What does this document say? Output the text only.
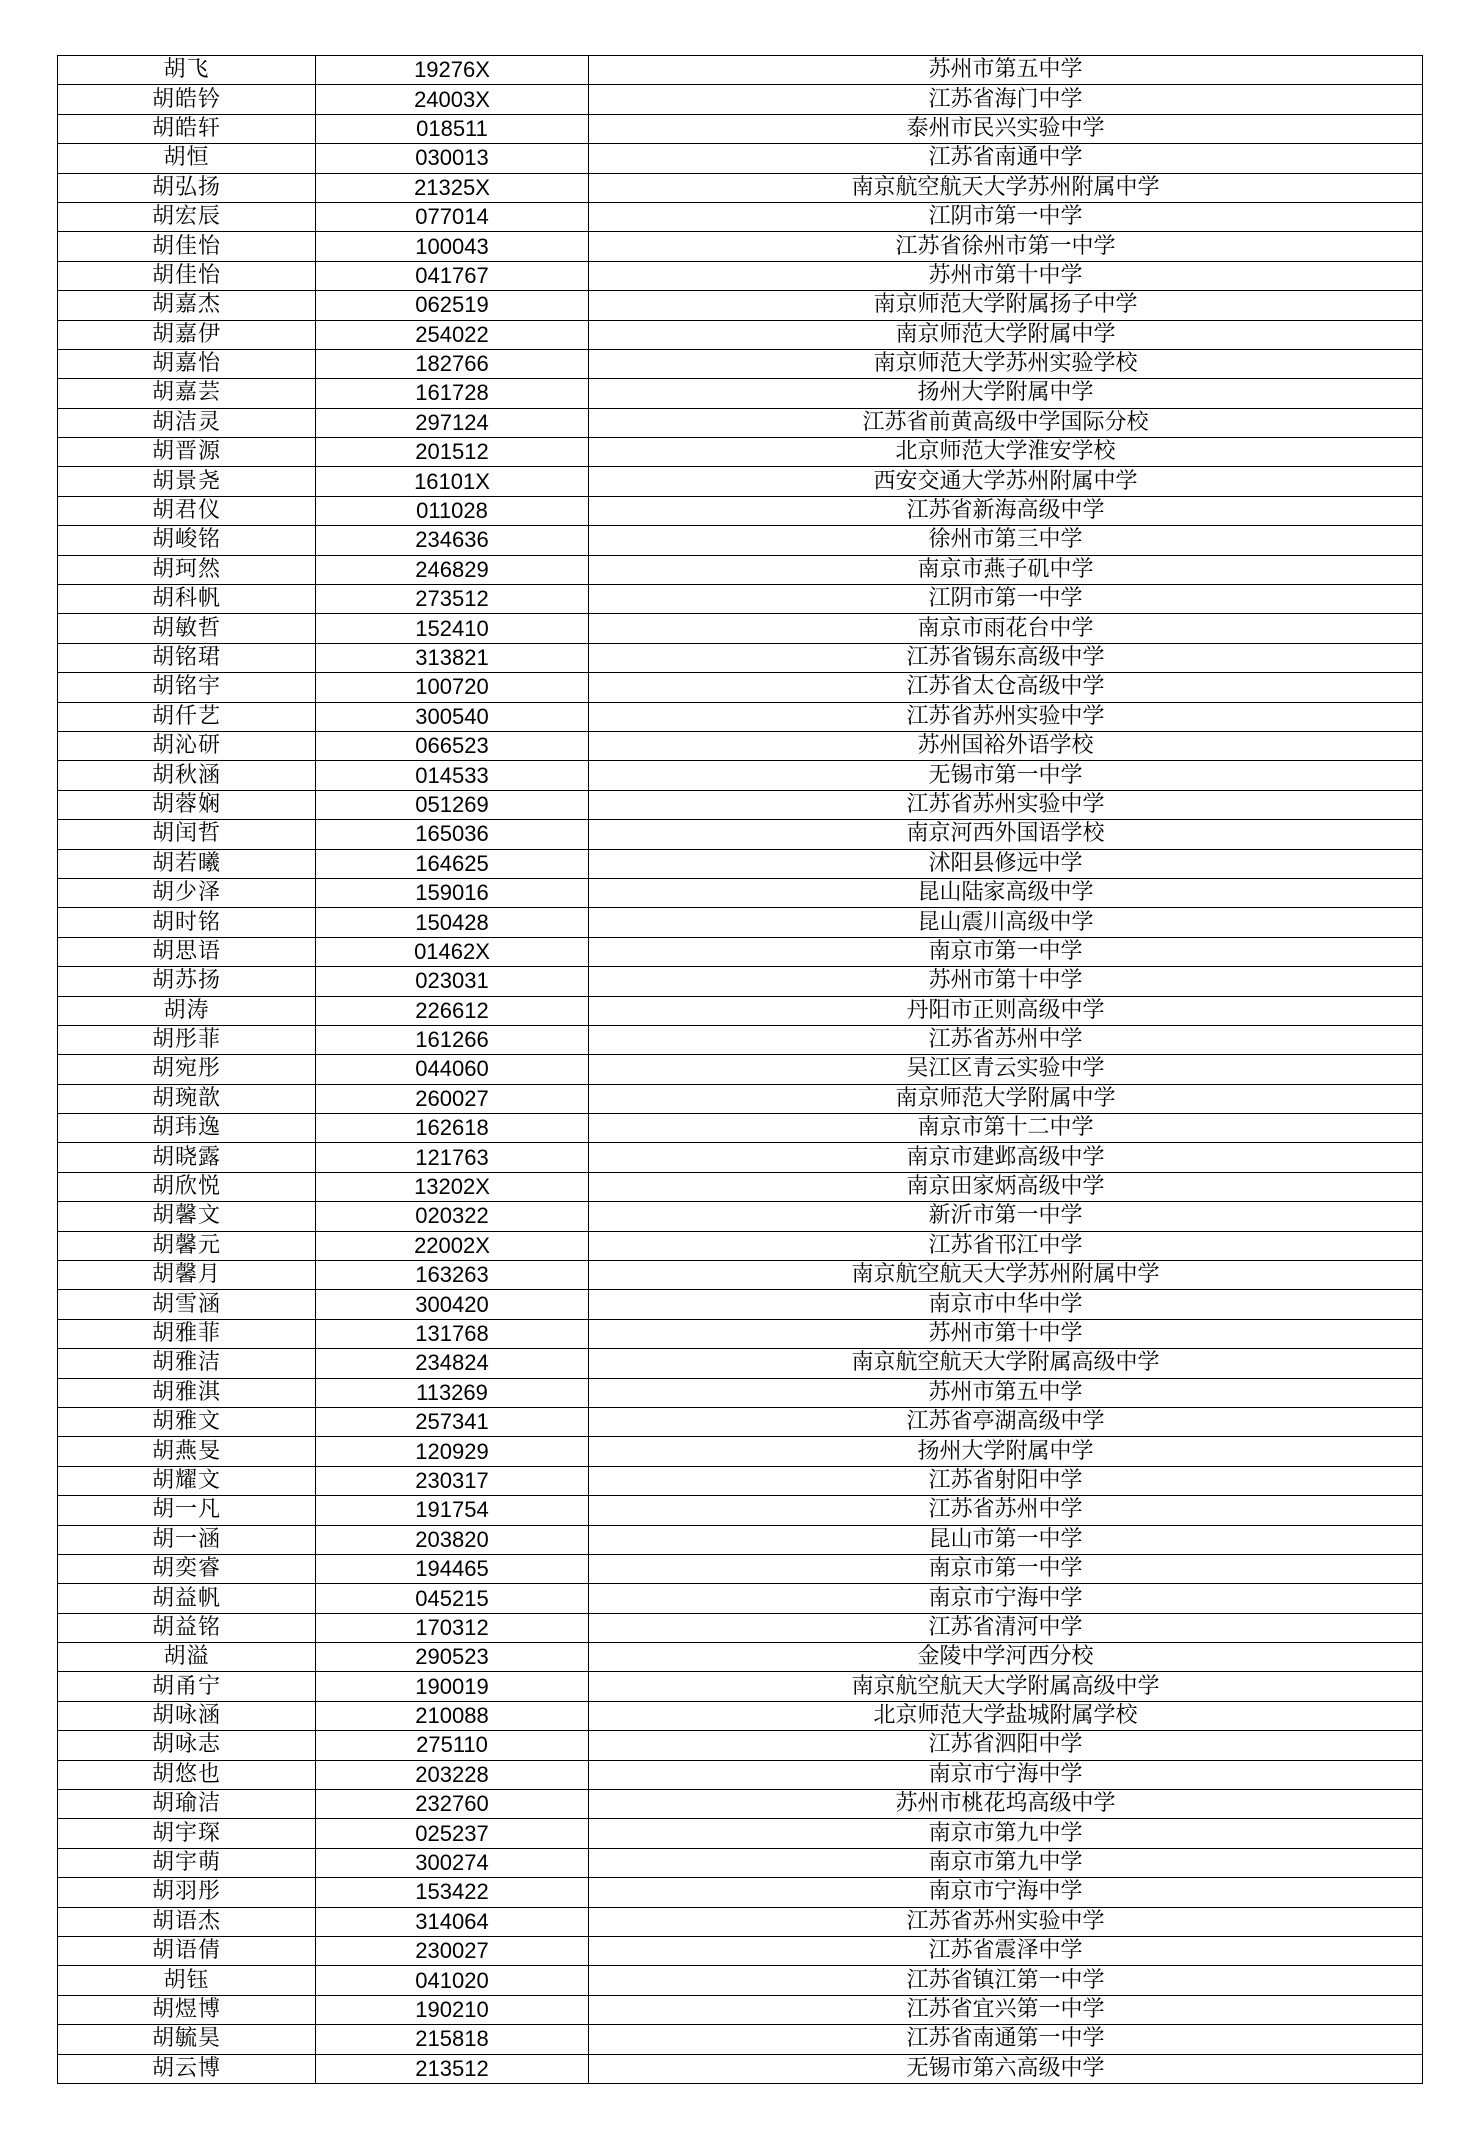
胡飞	19276X	苏州市第五中学
胡皓钤	24003X	江苏省海门中学
胡皓轩	018511	泰州市民兴实验中学
胡恒	030013	江苏省南通中学
胡弘扬	21325X	南京航空航天大学苏州附属中学
胡宏辰	077014	江阴市第一中学
胡佳怡	100043	江苏省徐州市第一中学
胡佳怡	041767	苏州市第十中学
胡嘉杰	062519	南京师范大学附属扬子中学
胡嘉伊	254022	南京师范大学附属中学
胡嘉怡	182766	南京师范大学苏州实验学校
胡嘉芸	161728	扬州大学附属中学
胡洁灵	297124	江苏省前黄高级中学国际分校
胡晋源	201512	北京师范大学淮安学校
胡景尧	16101X	西安交通大学苏州附属中学
胡君仪	011028	江苏省新海高级中学
胡峻铭	234636	徐州市第三中学
胡珂然	246829	南京市燕子矶中学
胡科帆	273512	江阴市第一中学
胡敏哲	152410	南京市雨花台中学
胡铭珺	313821	江苏省锡东高级中学
胡铭宇	100720	江苏省太仓高级中学
胡仟艺	300540	江苏省苏州实验中学
胡沁研	066523	苏州国裕外语学校
胡秋涵	014533	无锡市第一中学
胡蓉娴	051269	江苏省苏州实验中学
胡闰哲	165036	南京河西外国语学校
胡若曦	164625	沭阳县修远中学
胡少泽	159016	昆山陆家高级中学
胡时铭	150428	昆山震川高级中学
胡思语	01462X	南京市第一中学
胡苏扬	023031	苏州市第十中学
胡涛	226612	丹阳市正则高级中学
胡彤菲	161266	江苏省苏州中学
胡宛彤	044060	吴江区青云实验中学
胡琬歆	260027	南京师范大学附属中学
胡玮逸	162618	南京市第十二中学
胡晓露	121763	南京市建邺高级中学
胡欣悦	13202X	南京田家炳高级中学
胡馨文	020322	新沂市第一中学
胡馨元	22002X	江苏省邗江中学
胡馨月	163263	南京航空航天大学苏州附属中学
胡雪涵	300420	南京市中华中学
胡雅菲	131768	苏州市第十中学
胡雅洁	234824	南京航空航天大学附属高级中学
胡雅淇	113269	苏州市第五中学
胡雅文	257341	江苏省亭湖高级中学
胡燕旻	120929	扬州大学附属中学
胡耀文	230317	江苏省射阳中学
胡一凡	191754	江苏省苏州中学
胡一涵	203820	昆山市第一中学
胡奕睿	194465	南京市第一中学
胡益帆	045215	南京市宁海中学
胡益铭	170312	江苏省清河中学
胡溢	290523	金陵中学河西分校
胡甬宁	190019	南京航空航天大学附属高级中学
胡咏涵	210088	北京师范大学盐城附属学校
胡咏志	275110	江苏省泗阳中学
胡悠也	203228	南京市宁海中学
胡瑜洁	232760	苏州市桃花坞高级中学
胡宇琛	025237	南京市第九中学
胡宇萌	300274	南京市第九中学
胡羽彤	153422	南京市宁海中学
胡语杰	314064	江苏省苏州实验中学
胡语倩	230027	江苏省震泽中学
胡钰	041020	江苏省镇江第一中学
胡煜博	190210	江苏省宜兴第一中学
胡毓昊	215818	江苏省南通第一中学
胡云博	213512	无锡市第六高级中学
